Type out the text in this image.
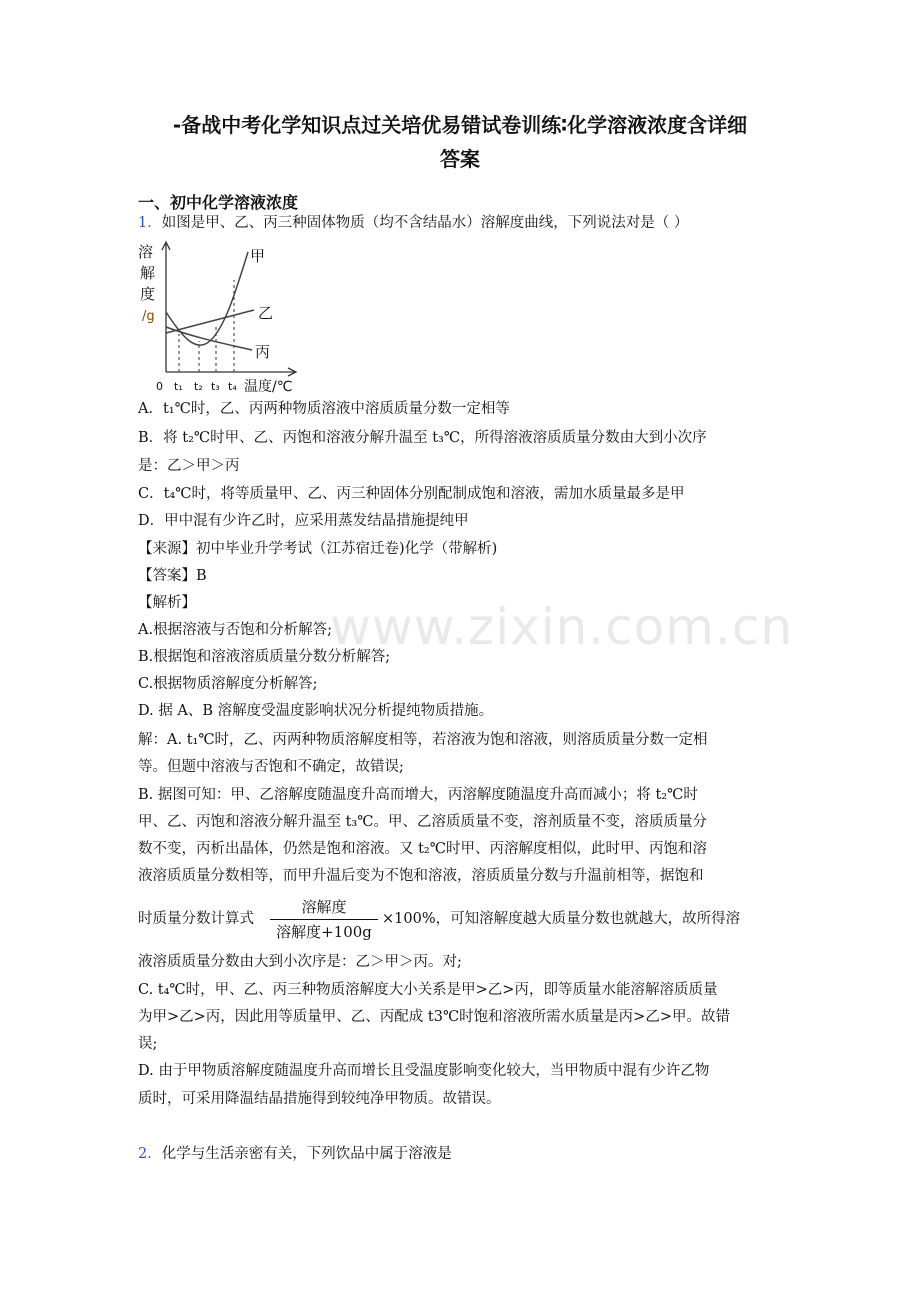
-备战中考化学知识点过关培优易错试卷训练∶化学溶液浓度含详细
答案
一、初中化学溶液浓度
1．如图是甲、乙、丙三种固体物质（均不含结晶水）溶解度曲线，下列说法对是（ ）
溶
解
度
/g
甲
乙
丙
0 t₁ t₂ t₃ t₄ 温度/℃
A．t₁℃时，乙、丙两种物质溶液中溶质质量分数一定相等
B．将 t₂℃时甲、乙、丙饱和溶液分解升温至 t₃℃，所得溶液溶质质量分数由大到小次序
是：乙＞甲＞丙
C．t₄℃时，将等质量甲、乙、丙三种固体分别配制成饱和溶液，需加水质量最多是甲
D．甲中混有少许乙时，应采用蒸发结晶措施提纯甲
【来源】初中毕业升学考试（江苏宿迁卷)化学（带解析)
【答案】B
【解析】	www.zixin.com.cn
A.根据溶液与否饱和分析解答;
B.根据饱和溶液溶质质量分数分析解答;
C.根据物质溶解度分析解答;
D. 据 A、B 溶解度受温度影响状况分析提纯物质措施。
解：A. t₁℃时，乙、丙两种物质溶解度相等，若溶液为饱和溶液，则溶质质量分数一定相
等。但题中溶液与否饱和不确定，故错误;
B. 据图可知：甲、乙溶解度随温度升高而增大，丙溶解度随温度升高而减小；将 t₂℃时
甲、乙、丙饱和溶液分解升温至 t₃℃。甲、乙溶质质量不变，溶剂质量不变，溶质质量分
数不变，丙析出晶体，仍然是饱和溶液。又 t₂℃时甲、丙溶解度相似，此时甲、丙饱和溶
液溶质质量分数相等，而甲升温后变为不饱和溶液，溶质质量分数与升温前相等，据饱和
时质量分数计算式
溶解度
溶解度+100g
×100%，可知溶解度越大质量分数也就越大，故所得溶
液溶质质量分数由大到小次序是：乙＞甲＞丙。对;
C. t₄℃时，甲、乙、丙三种物质溶解度大小关系是甲>乙>丙，即等质量水能溶解溶质质量
为甲>乙>丙，因此用等质量甲、乙、丙配成 t3℃时饱和溶液所需水质量是丙>乙>甲。故错
误;
D. 由于甲物质溶解度随温度升高而增长且受温度影响变化较大，当甲物质中混有少许乙物
质时，可采用降温结晶措施得到较纯净甲物质。故错误。
2．化学与生活亲密有关，下列饮品中属于溶液是
